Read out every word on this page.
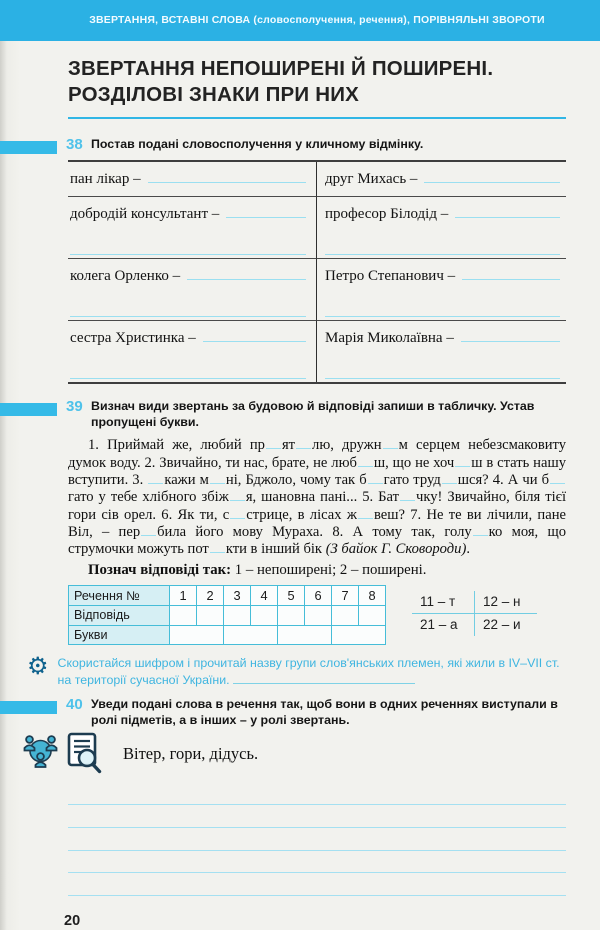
ЗВЕРТАННЯ, ВСТАВНІ СЛОВА (словосполучення, речення), ПОРІВНЯЛЬНІ ЗВОРОТИ
ЗВЕРТАННЯ НЕПОШИРЕНІ Й ПОШИРЕНІ.
РОЗДІЛОВІ ЗНАКИ ПРИ НИХ
38 Постав подані словосполучення у кличному відмінку.

пан лікар –	друг Михась –
добродій консультант –	професор Білодід –
колега Орленко –	Петро Степанович –
сестра Христинка –	Марія Миколаївна –
39 Визнач види звертань за будовою й відповіді запиши в табличку. Устав пропущені букви.

1. Приймай же, любий пр ят лю, дружн м серцем небезсмаковиту думок воду. 2. Звичайно, ти нас, брате, не люб ш, що не хоч ш в стать нашу вступити. 3. кажи м ні, Бджоло, чому так б гато труд шся? 4. А чи бгато у тебе хлібного збіж я, шановна пані... 5. Бат чку! Звичайно, біля тієї гори сів орел. 6. Як ти, с стрице, в лісах ж веш? 7. Не те ви лічили, пане Віл, – пер била його мову Мураха. 8. А тому так, голу ко моя, що струмочки можуть пот кти в інший бік (З байок Г. Сковороди).

Познач відповіді так: 1 – непоширені; 2 – поширені.

Речення №	1	2	3	4	5	6	7	8
Відповідь
Букви
11 – т	12 – н
21 – а	22 – и
⚙ Скористайся шифром і прочитай назву групи слов'янських племен, які жили в IV–VII ст. на території сучасної України.

40 Уведи подані слова в речення так, щоб вони в одних реченнях виступали в ролі підметів, а в інших – у ролі звертань.

Вітер, гори, дідусь.
20
